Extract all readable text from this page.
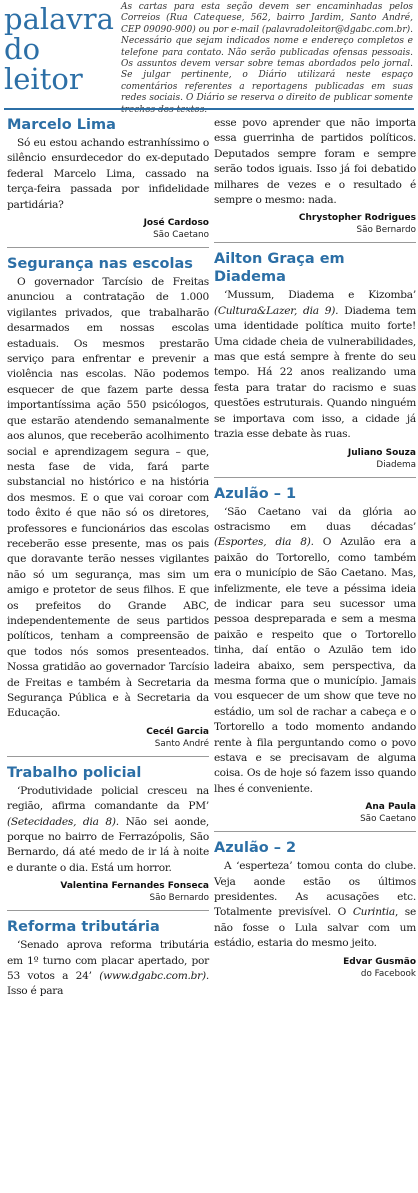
palavra
do leitor
As cartas para esta seção devem ser encaminhadas pelos Correios (Rua Catequese, 562, bairro Jardim, Santo André, CEP 09090-900) ou por e-mail (palavradoleitor@dgabc.com.br). Necessário que sejam indicados nome e endereço completos e telefone para contato. Não serão publicadas ofensas pessoais. Os assuntos devem versar sobre temas abordados pelo jornal. Se julgar pertinente, o Diário utilizará neste espaço comentários referentes a reportagens publicadas em suas redes sociais. O Diário se reserva o direito de publicar somente
Marcelo Lima

Só eu estou achando estranhíssimo o silêncio ensurdecedor do ex-deputado federal Marcelo Lima, cassado na terça-feira passada por infidelidade partidária?

José Cardoso
São Caetano
Segurança nas escolas

O governador Tarcísio de Freitas anunciou a contratação de 1.000 vigilantes privados, que trabalharão desarmados em nossas escolas estaduais. Os mesmos prestarão serviço para enfrentar e prevenir a violência nas escolas. Não podemos esquecer de que fazem parte dessa importantíssima ação 550 psicólogos, que estarão atendendo semanalmente aos alunos, que receberão acolhimento social e aprendizagem segura – que, nesta fase de vida, fará parte substancial no histórico e na história dos mesmos. E o que vai coroar com todo êxito é que não só os diretores, professores e funcionários das escolas receberão esse presente, mas os pais que doravante terão nesses vigilantes não só um segurança, mas sim um amigo e protetor de seus filhos. E que os prefeitos do Grande ABC, independentemente de seus partidos políticos, tenham a compreensão de que todos nós somos presenteados. Nossa gratidão ao governador Tarcísio de Freitas e também à Secretaria da Segurança Pública e à Secretaria da Educação.

Cecél Garcia
Santo André
Trabalho policial

‘Produtividade policial cresceu na região, afirma comandante da PM’ (Setecidades, dia 8). Não sei aonde, porque no bairro de Ferrazópolis, São Bernardo, dá até medo de ir lá à noite e durante o dia. Está um horror.

Valentina Fernandes Fonseca
São Bernardo
Reforma tributária

‘Senado aprova reforma tributária em 1º turno com placar apertado, por 53 votos a 24’ (www.dgabc.com.br). Isso é para

esse povo aprender que não importa essa guerrinha de partidos políticos. Deputados sempre foram e sempre serão todos iguais. Isso já foi debatido milhares de vezes e o resultado é sempre o mesmo: nada.

Chrystopher Rodrigues
São Bernardo
Ailton Graça em Diadema

‘Mussum, Diadema e Kizomba’ (Cultura&Lazer, dia 9). Diadema tem uma identidade política muito forte! Uma cidade cheia de vulnerabilidades, mas que está sempre à frente do seu tempo. Há 22 anos realizando uma festa para tratar do racismo e suas questões estruturais. Quando ninguém se importava com isso, a cidade já trazia esse debate às ruas.

Juliano Souza
Diadema
Azulão – 1

‘São Caetano vai da glória ao ostracismo em duas décadas’ (Esportes, dia 8). O Azulão era a paixão do Tortorello, como também era o município de São Caetano. Mas, infelizmente, ele teve a péssima ideia de indicar para seu sucessor uma pessoa despreparada e sem a mesma paixão e respeito que o Tortorello tinha, daí então o Azulão tem ido ladeira abaixo, sem perspectiva, da mesma forma que o município. Jamais vou esquecer de um show que teve no estádio, um sol de rachar a cabeça e o Tortorello a todo momento andando rente à fila perguntando como o povo estava e se precisavam de alguma coisa. Os de hoje só fazem isso quando lhes é conveniente.

Ana Paula
São Caetano
Azulão – 2

A ‘esperteza’ tomou conta do clube. Veja aonde estão os últimos presidentes. As acusações etc. Totalmente previsível. O Curintia, se não fosse o Lula salvar com um estádio, estaria do mesmo jeito.

Edvar Gusmão
do Facebook
